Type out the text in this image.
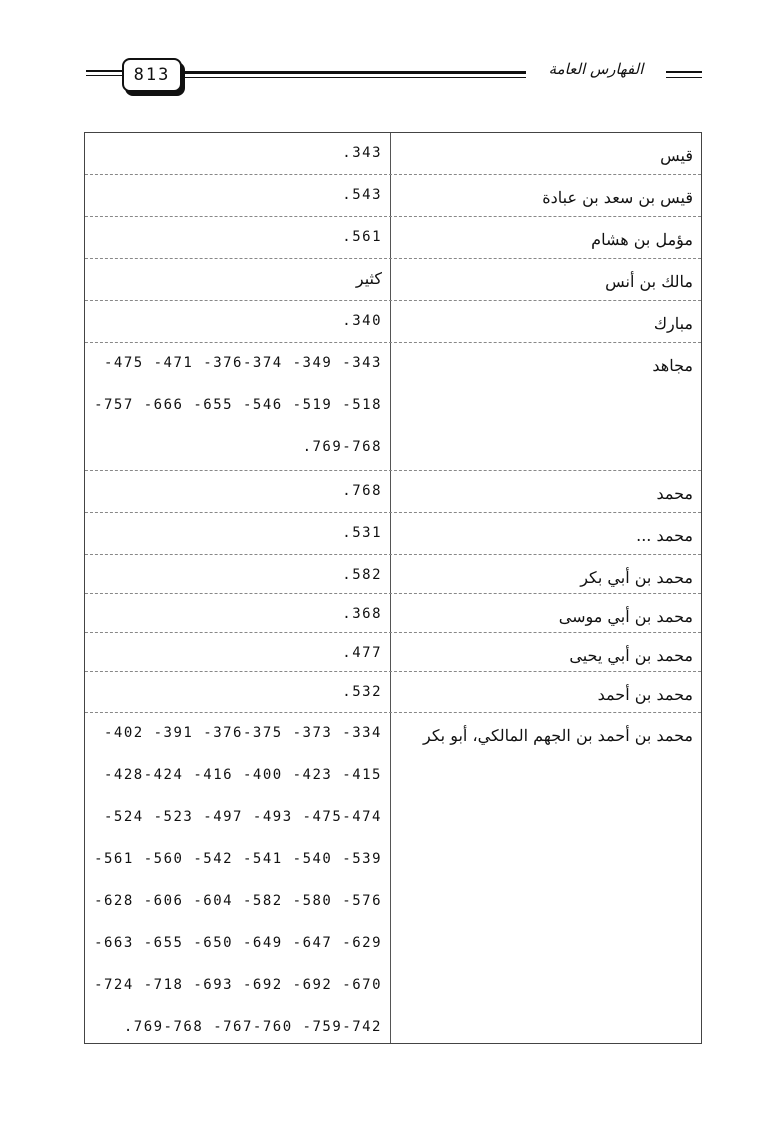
813	الفهارس العامة
قيس
.343
قيس بن سعد بن عبادة
.543
مؤمل بن هشام
.561
مالك بن أنس
كثير
مبارك
.340
مجاهد
-475 -471 -376-374 -349 -343
-757 -666 -655 -546 -519 -518
.769-768
محمد
.768
محمد ...
.531
محمد بن أبي بكر
.582
محمد بن أبي موسى
.368
محمد بن أبي يحيى
.477
محمد بن أحمد
.532
محمد بن أحمد بن الجهم المالكي، أبو بكر
-402 -391 -376-375 -373 -334
-428-424 -416 -400 -423 -415
-524 -523 -497 -493 -475-474
-561 -560 -542 -541 -540 -539
-628 -606 -604 -582 -580 -576
-663 -655 -650 -649 -647 -629
-724 -718 -693 -692 -692 -670
.769-768 -767-760 -759-742
